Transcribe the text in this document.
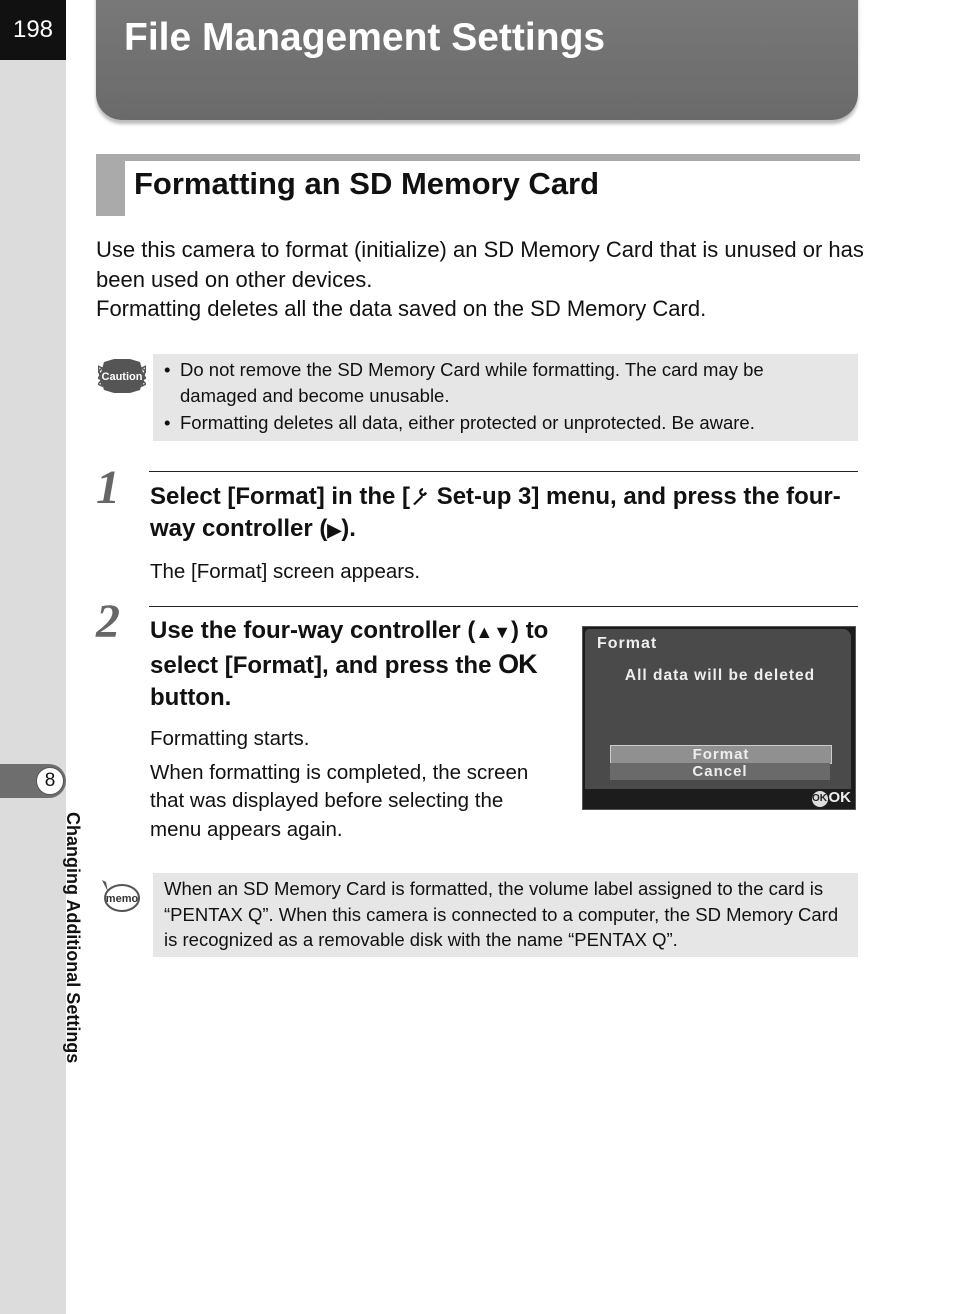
198
8
Changing Additional Settings
File Management Settings
Formatting an SD Memory Card

Use this camera to format (initialize) an SD Memory Card that is unused or has been used on other devices.

Formatting deletes all the data saved on the SD Memory Card.

Caution • Do not remove the SD Memory Card while formatting. The card may be damaged and become unusable.
• Formatting deletes all data, either protected or unprotected. Be aware.
1 Select [Format] in the [ Set-up 3] menu, and press the four-way controller (▶).

The [Format] screen appears.

2 Use the four-way controller (▲▼) to select [Format], and press the OK button.

Formatting starts.

When formatting is completed, the screen that was displayed before selecting the menu appears again.

Format
All data will be deleted
Format
Cancel
OK OK
memo When an SD Memory Card is formatted, the volume label assigned to the card is “PENTAX Q”. When this camera is connected to a computer, the SD Memory Card is recognized as a removable disk with the name “PENTAX Q”.
